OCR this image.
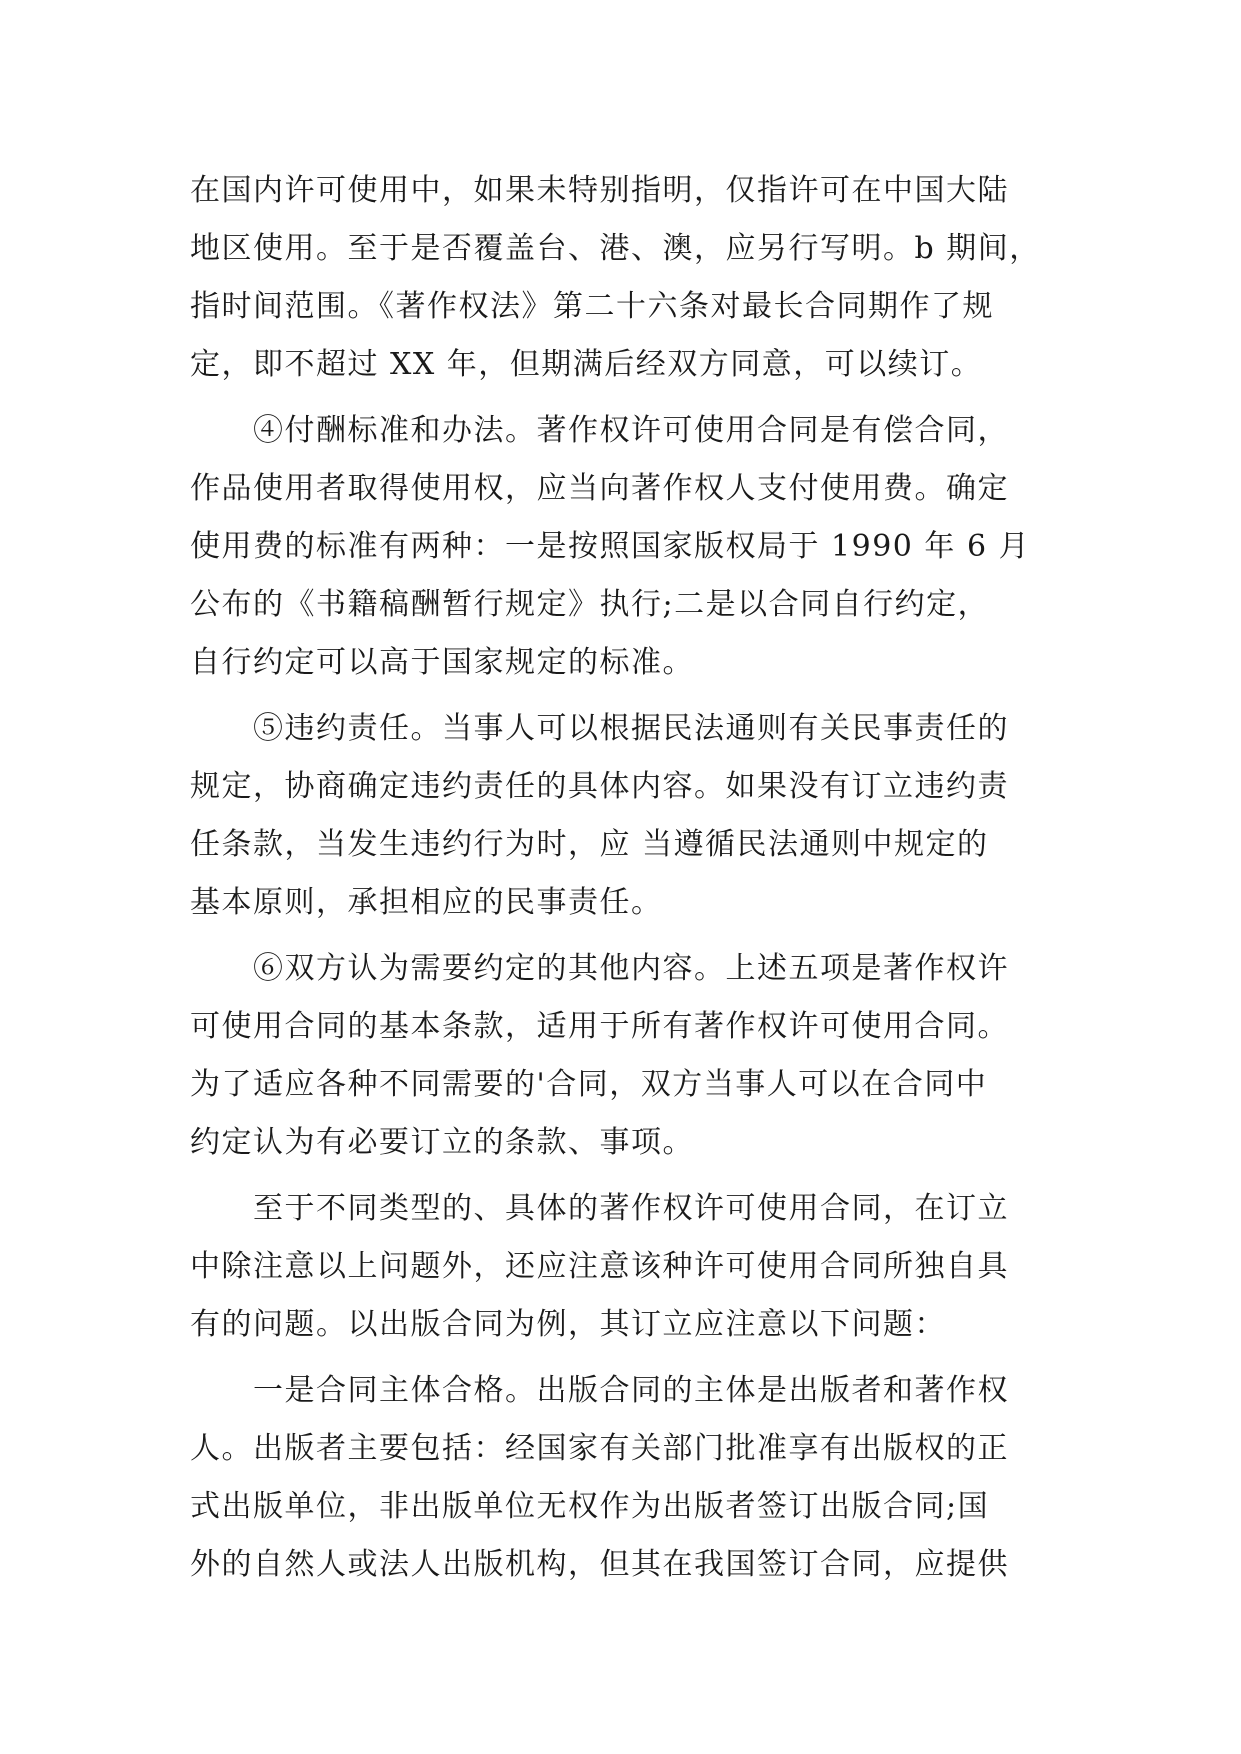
在国内许可使用中，如果未特别指明，仅指许可在中国大陆
地区使用。至于是否覆盖台、港、澳，应另行写明。b 期间，
指时间范围。《著作权法》第二十六条对最长合同期作了规
定，即不超过 XX 年，但期满后经双方同意，可以续订。
　　④付酬标准和办法。著作权许可使用合同是有偿合同，
作品使用者取得使用权，应当向著作权人支付使用费。确定
使用费的标准有两种：一是按照国家版权局于 1990 年 6 月
公布的《书籍稿酬暂行规定》执行;二是以合同自行约定，
自行约定可以高于国家规定的标准。
　　⑤违约责任。当事人可以根据民法通则有关民事责任的
规定，协商确定违约责任的具体内容。如果没有订立违约责
任条款，当发生违约行为时，应 当遵循民法通则中规定的
基本原则，承担相应的民事责任。
　　⑥双方认为需要约定的其他内容。上述五项是著作权许
可使用合同的基本条款，适用于所有著作权许可使用合同。
为了适应各种不同需要的'合同，双方当事人可以在合同中
约定认为有必要订立的条款、事项。
　　至于不同类型的、具体的著作权许可使用合同，在订立
中除注意以上问题外，还应注意该种许可使用合同所独自具
有的问题。以出版合同为例，其订立应注意以下问题：
　　一是合同主体合格。出版合同的主体是出版者和著作权
人。出版者主要包括：经国家有关部门批准享有出版权的正
式出版单位，非出版单位无权作为出版者签订出版合同;国
外的自然人或法人出版机构，但其在我国签订合同，应提供
